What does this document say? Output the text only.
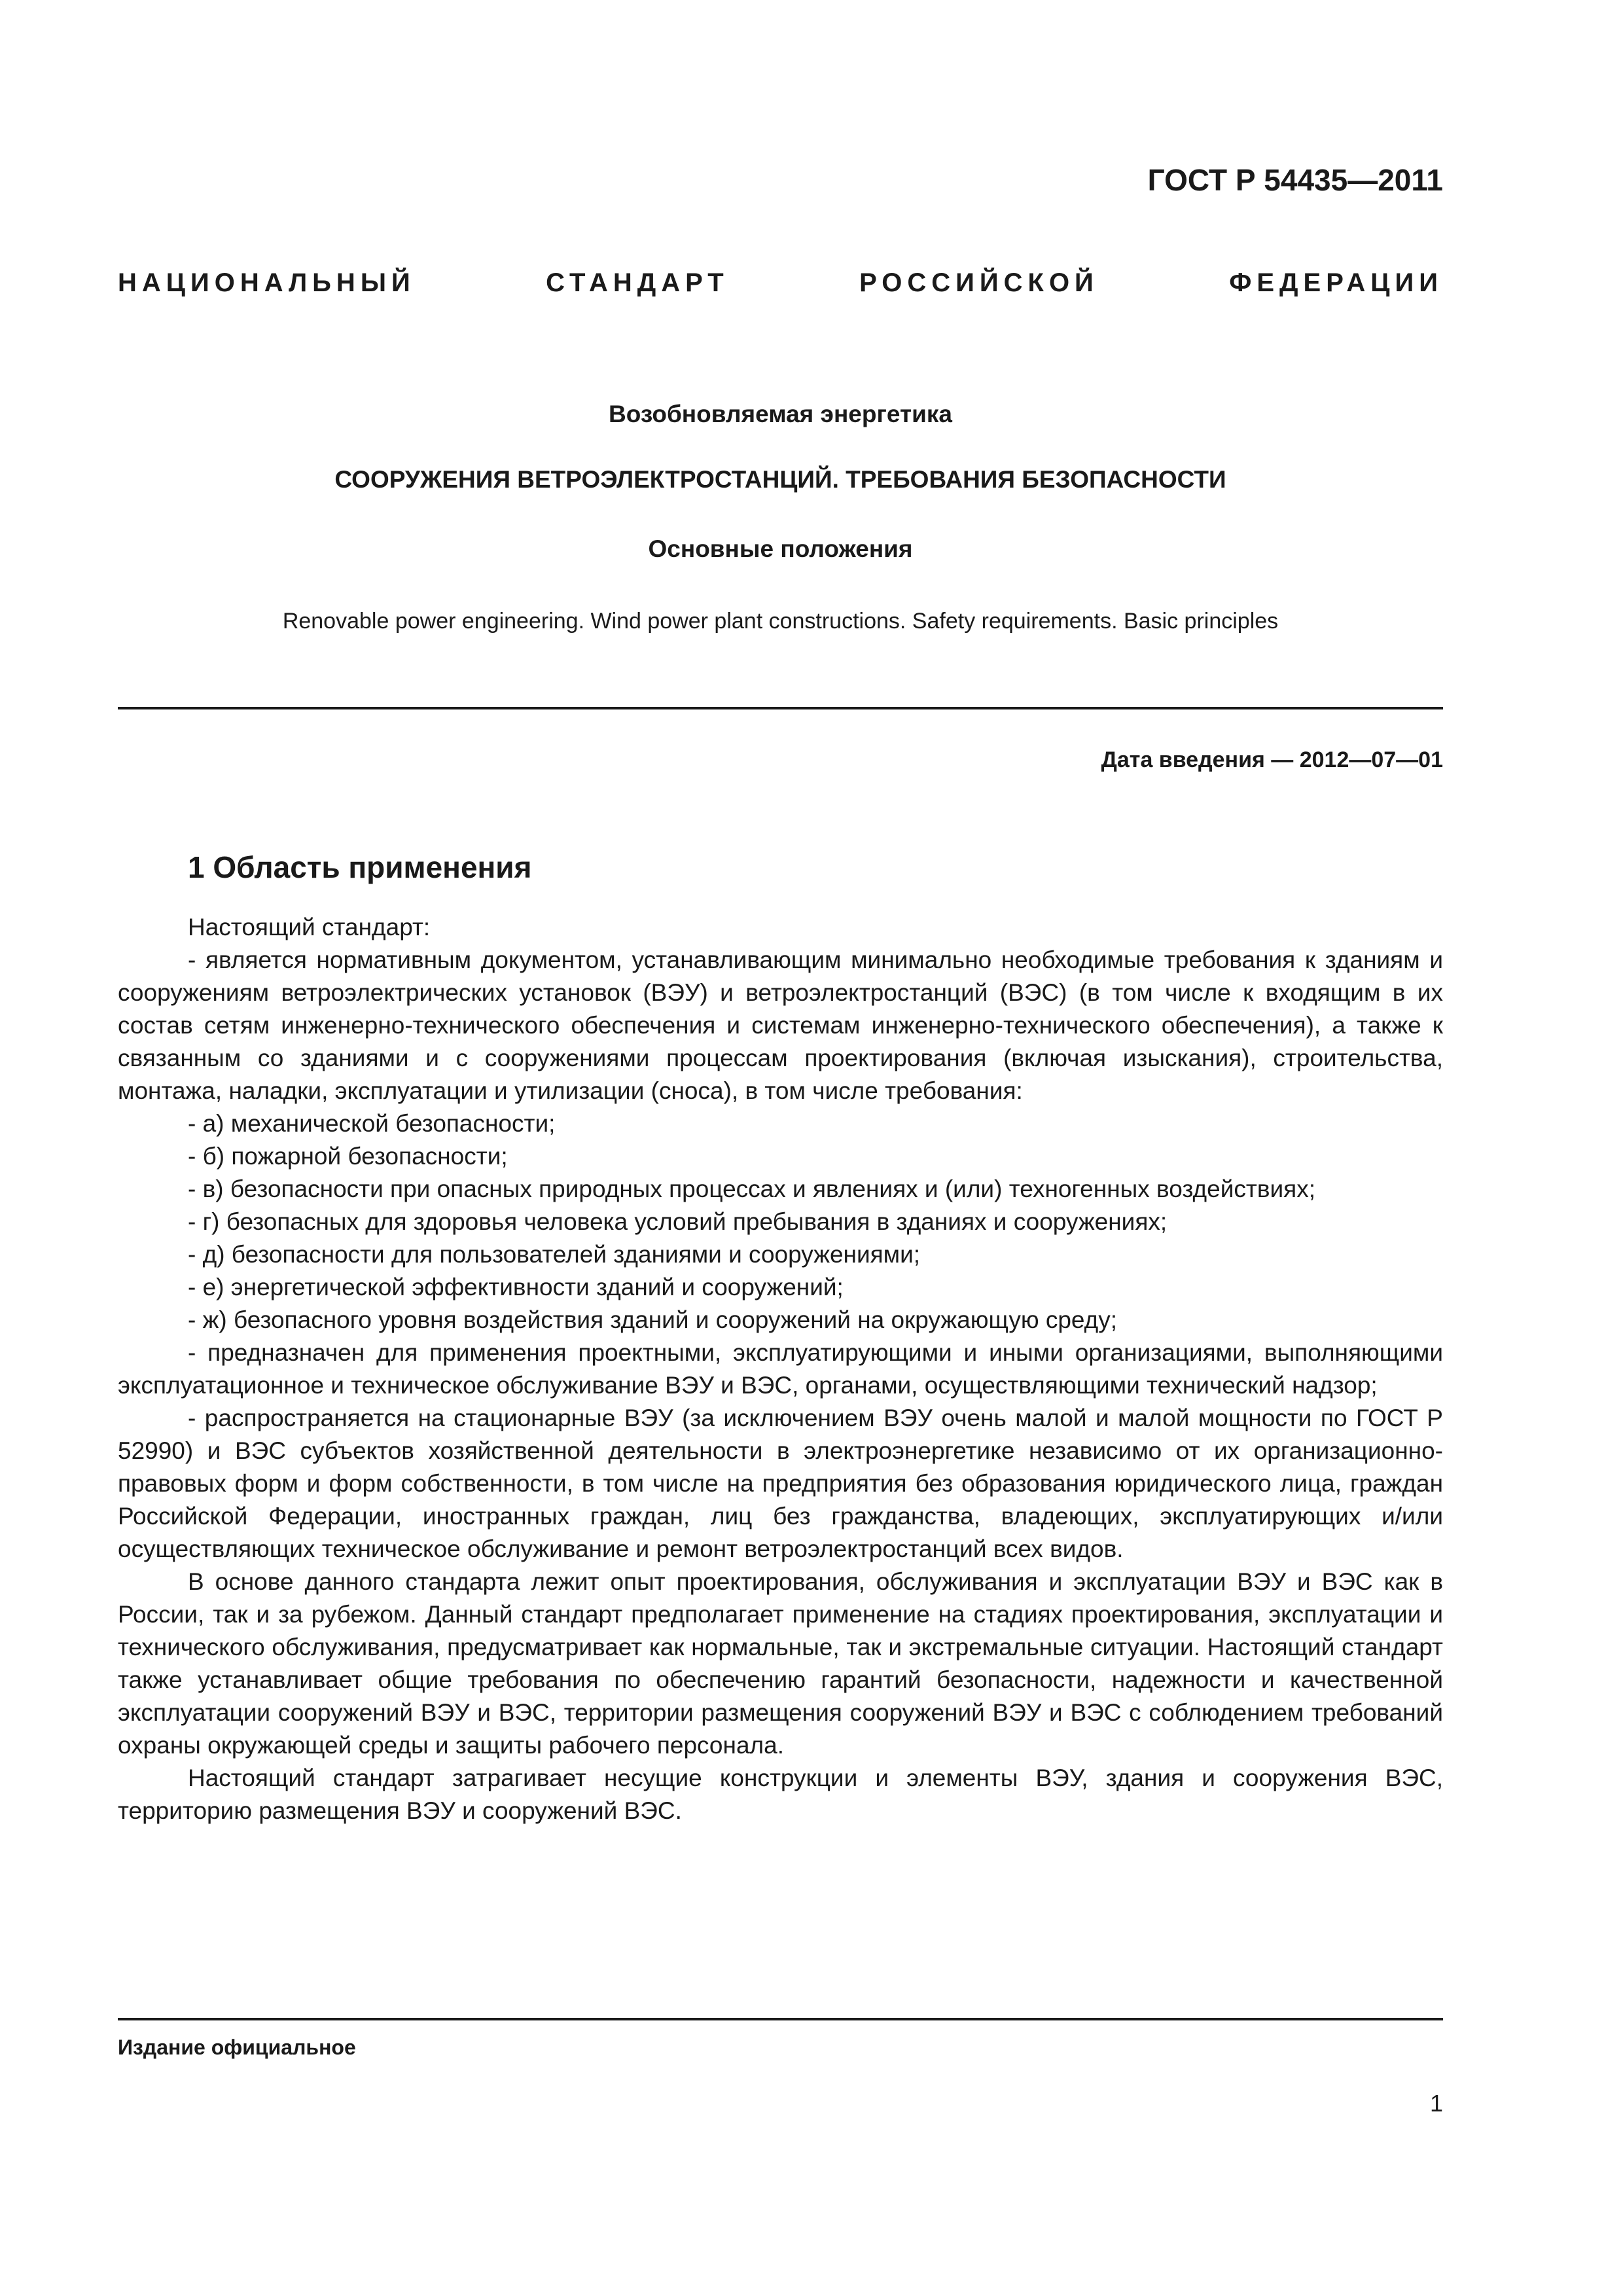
ГОСТ Р 54435—2011
НАЦИОНАЛЬНЫЙ СТАНДАРТ РОССИЙСКОЙ ФЕДЕРАЦИИ
Возобновляемая энергетика
СООРУЖЕНИЯ ВЕТРОЭЛЕКТРОСТАНЦИЙ. ТРЕБОВАНИЯ БЕЗОПАСНОСТИ
Основные положения
Renovable power engineering. Wind power plant constructions. Safety requirements. Basic principles
Дата введения — 2012—07—01
1 Область применения

Настоящий стандарт:

- является нормативным документом, устанавливающим минимально необходимые требования к зданиям и сооружениям ветроэлектрических установок (ВЭУ) и ветроэлектростанций (ВЭС) (в том числе к входящим в их состав сетям инженерно-технического обеспечения и системам инженерно-технического обеспечения), а также к связанным со зданиями и с сооружениями процессам проектирования (включая изыскания), строительства, монтажа, наладки, эксплуатации и утилизации (сноса), в том числе требования:

- а) механической безопасности;

- б) пожарной безопасности;

- в) безопасности при опасных природных процессах и явлениях и (или) техногенных воздействиях;

- г) безопасных для здоровья человека условий пребывания в зданиях и сооружениях;

- д) безопасности для пользователей зданиями и сооружениями;

- е) энергетической эффективности зданий и сооружений;

- ж) безопасного уровня воздействия зданий и сооружений на окружающую среду;

- предназначен для применения проектными, эксплуатирующими и иными организациями, выполняющими эксплуатационное и техническое обслуживание ВЭУ и ВЭС, органами, осуществляющими технический надзор;

- распространяется на стационарные ВЭУ (за исключением ВЭУ очень малой и малой мощности по ГОСТ Р 52990) и ВЭС субъектов хозяйственной деятельности в электроэнергетике независимо от их организационно-правовых форм и форм собственности, в том числе на предприятия без образования юридического лица, граждан Российской Федерации, иностранных граждан, лиц без гражданства, владеющих, эксплуатирующих и/или осуществляющих техническое обслуживание и ремонт ветроэлектростанций всех видов.

В основе данного стандарта лежит опыт проектирования, обслуживания и эксплуатации ВЭУ и ВЭС как в России, так и за рубежом. Данный стандарт предполагает применение на стадиях проектирования, эксплуатации и технического обслуживания, предусматривает как нормальные, так и экстремальные ситуации. Настоящий стандарт также устанавливает общие требования по обеспечению гарантий безопасности, надежности и качественной эксплуатации сооружений ВЭУ и ВЭС, территории размещения сооружений ВЭУ и ВЭС с соблюдением требований охраны окружающей среды и защиты рабочего персонала.

Настоящий стандарт затрагивает несущие конструкции и элементы ВЭУ, здания и сооружения ВЭС, территорию размещения ВЭУ и сооружений ВЭС.

Издание официальное
1
